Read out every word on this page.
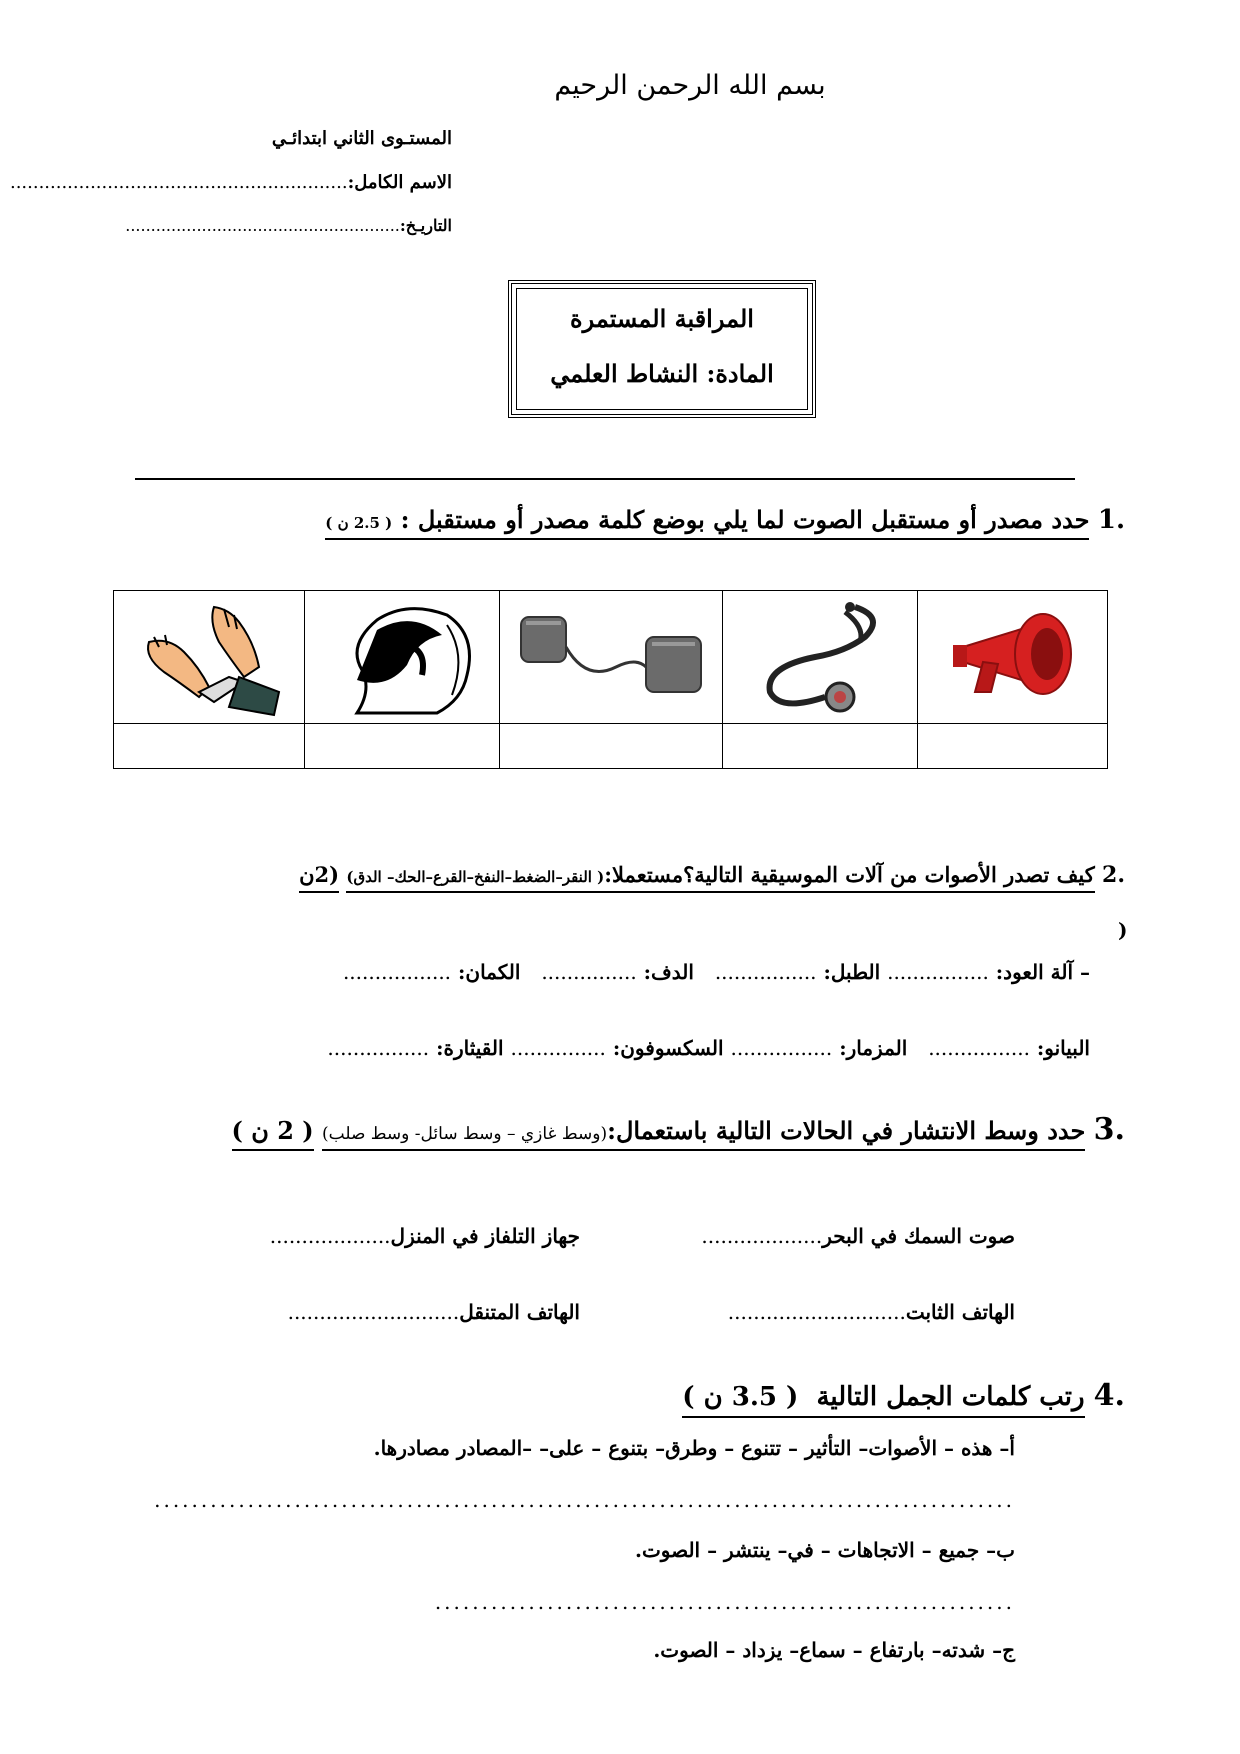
بسم الله الرحمن الرحيم
المستـوى الثاني ابتدائـي
الاسم الكامل:...........................................................
التاريـخ:......................................................
المراقبة المستمرة
المادة: النشاط العلمي
.1 حدد مصدر أو مستقبل الصوت لما يلي بوضع كلمة مصدر أو مستقبل : ( 2.5 ن )

.2 كيف تصدر الأصوات من آلات الموسيقية التالية؟مستعملا:( النقر–الضغط–النفخ–القرع–الحك– الدق) (2ن
)
– آلة العود: ................ الطبل: ................   الدف: ...............   الكمان: .................
البيانو: ................   المزمار: ................ السكسوفون: ............... القيثارة: ................
.3 حدد وسط الانتشار في الحالات التالية باستعمال:(وسط غازي – وسط سائل- وسط صلب) ( 2 ن )
صوت السمك في البحر...................
جهاز التلفاز في المنزل...................
الهاتف الثابت............................
الهاتف المتنقل...........................
.4 رتب كلمات الجمل التالية  ( 3.5 ن )
أ– هذه – الأصوات– التأثير – تتنوع – وطرق– بتنوع – على– –المصادر مصادرها.
............................................................................................
ب– جميع – الاتجاهات – في– ينتشر – الصوت.
..............................................................
ج– شدته– بارتفاع – سماع– يزداد – الصوت.
